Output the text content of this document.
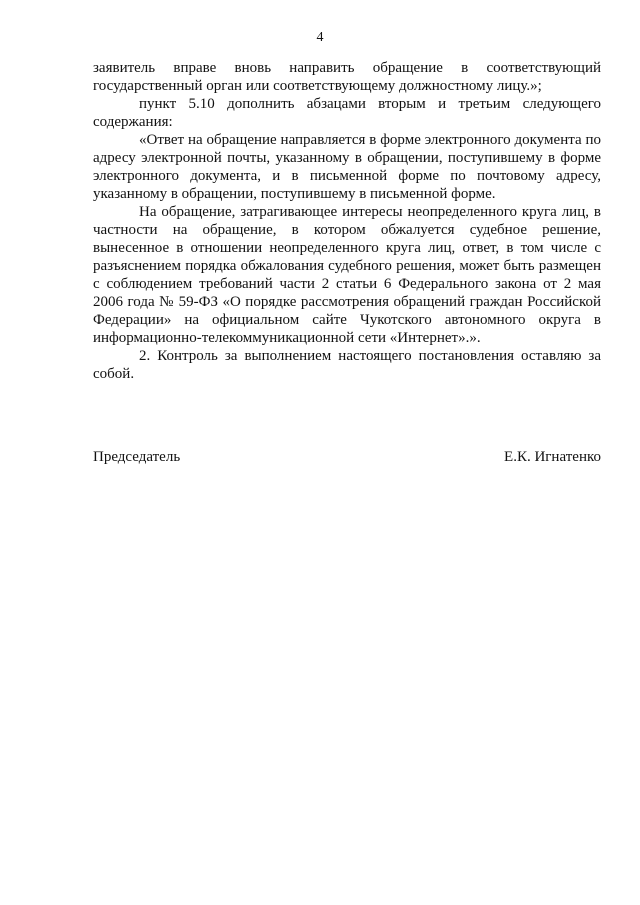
4

заявитель вправе вновь направить обращение в соответствующий государственный орган или соответствующему должностному лицу.»;

пункт 5.10 дополнить абзацами вторым и третьим следующего содержания:

«Ответ на обращение направляется в форме электронного документа по адресу электронной почты, указанному в обращении, поступившему в форме электронного документа, и в письменной форме по почтовому адресу, указанному в обращении, поступившему в письменной форме.

На обращение, затрагивающее интересы неопределенного круга лиц, в частности на обращение, в котором обжалуется судебное решение, вынесенное в отношении неопределенного круга лиц, ответ, в том числе с разъяснением порядка обжалования судебного решения, может быть размещен с соблюдением требований части 2 статьи 6 Федерального закона от 2 мая 2006 года № 59-ФЗ «О порядке рассмотрения обращений граждан Российской Федерации» на официальном сайте Чукотского автономного округа в информационно-телекоммуникационной сети «Интернет».».

2. Контроль за выполнением настоящего постановления оставляю за собой.

Председатель	Е.К. Игнатенко
